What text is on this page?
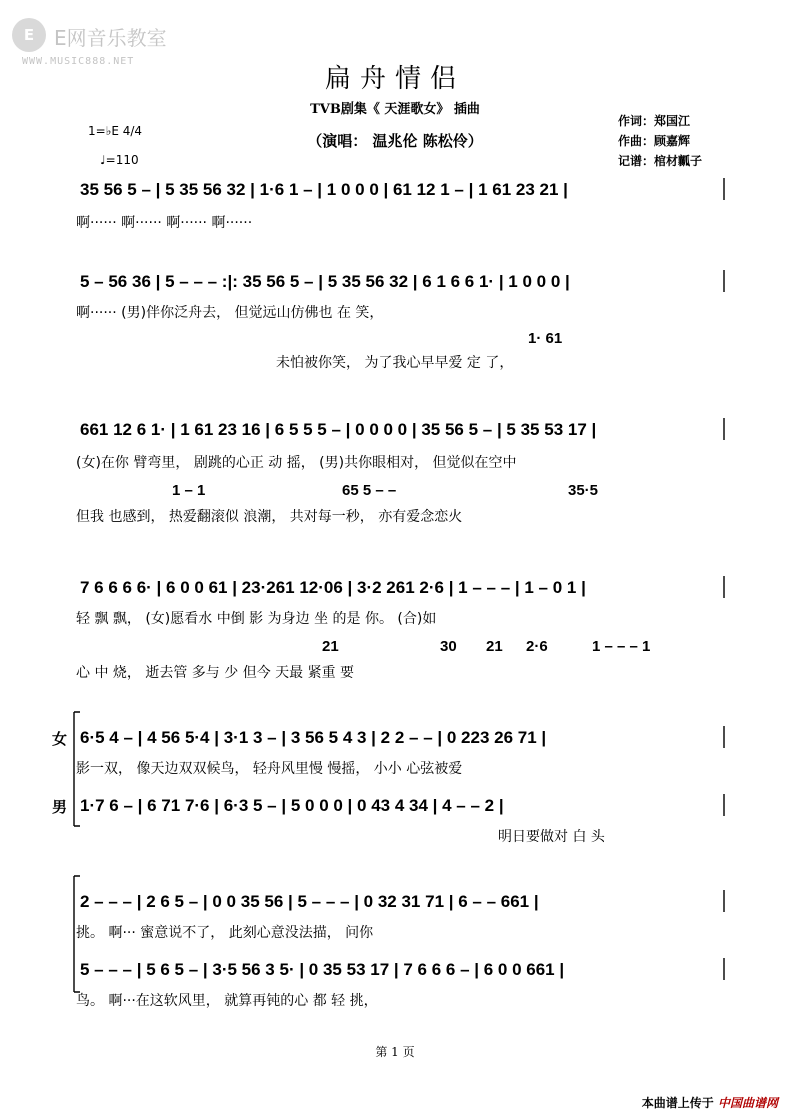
E E网音乐教室
WWW.MUSIC888.NET
扁舟情侣
TVB剧集《 天涯歌女》 插曲
（演唱： 温兆伦 陈松伶）
1=♭E 4/4
♩=110
作词：郑国江
作曲：顾嘉辉
记谱：棺材瓤子
35 56 5 – | 5 35 56 32 | 1·6 1 – | 1 0 0 0 | 61 12 1 – | 1 61 23 21 |
啊······ 啊······ 啊······ 啊······
5 – 56 36 | 5 – – – :|: 35 56 5 – | 5 35 56 32 | 6 1 6 6 1· | 1 0 0 0 |
啊······ (男)伴你泛舟去， 但觉远山仿佛也 在 笑，
1· 61
未怕被你笑， 为了我心早早爱 定 了，
661 12 6 1· | 1 61 23 16 | 6 5 5 5 – | 0 0 0 0 | 35 56 5 – | 5 35 53 17 |
(女)在你 臂弯里， 剧跳的心正 动 摇， (男)共你眼相对， 但觉似在空中
1 – 1	65 5 – –	35·5
但我 也感到， 热爱翻滚似 浪潮， 共对每一秒， 亦有爱念恋火
7 6 6 6 6· | 6 0 0 61 | 23·261 12·06 | 3·2 261 2·6 | 1 – – – | 1 – 0 1 |
轻 飘 飘， (女)愿看水 中倒 影 为身边 坐 的是 你。 (合)如
21	30 21 2·6	1 – – – 1
心 中 烧， 逝去管 多与 少 但今 天最 紧重 要
女
男
6·5 4 – | 4 56 5·4 | 3·1 3 – | 3 56 5 4 3 | 2 2 – – | 0 223 26 71 |
影一双， 像天边双双候鸟， 轻舟风里慢 慢摇， 小小 心弦被爱
1·7 6 – | 6 71 7·6 | 6·3 5 – | 5 0 0 0 | 0 43 4 34 | 4 – – 2 |
明日要做对 白 头
2 – – – | 2 6 5 – | 0 0 35 56 | 5 – – – | 0 32 31 71 | 6 – – 661 |
挑。 啊··· 蜜意说不了， 此刻心意没法描， 问你
5 – – – | 5 6 5 – | 3·5 56 3 5· | 0 35 53 17 | 7 6 6 6 – | 6 0 0 661 |
鸟。 啊···在这软风里， 就算再钝的心 都 轻 挑，
第 1 页
本曲谱上传于 中国曲谱网
